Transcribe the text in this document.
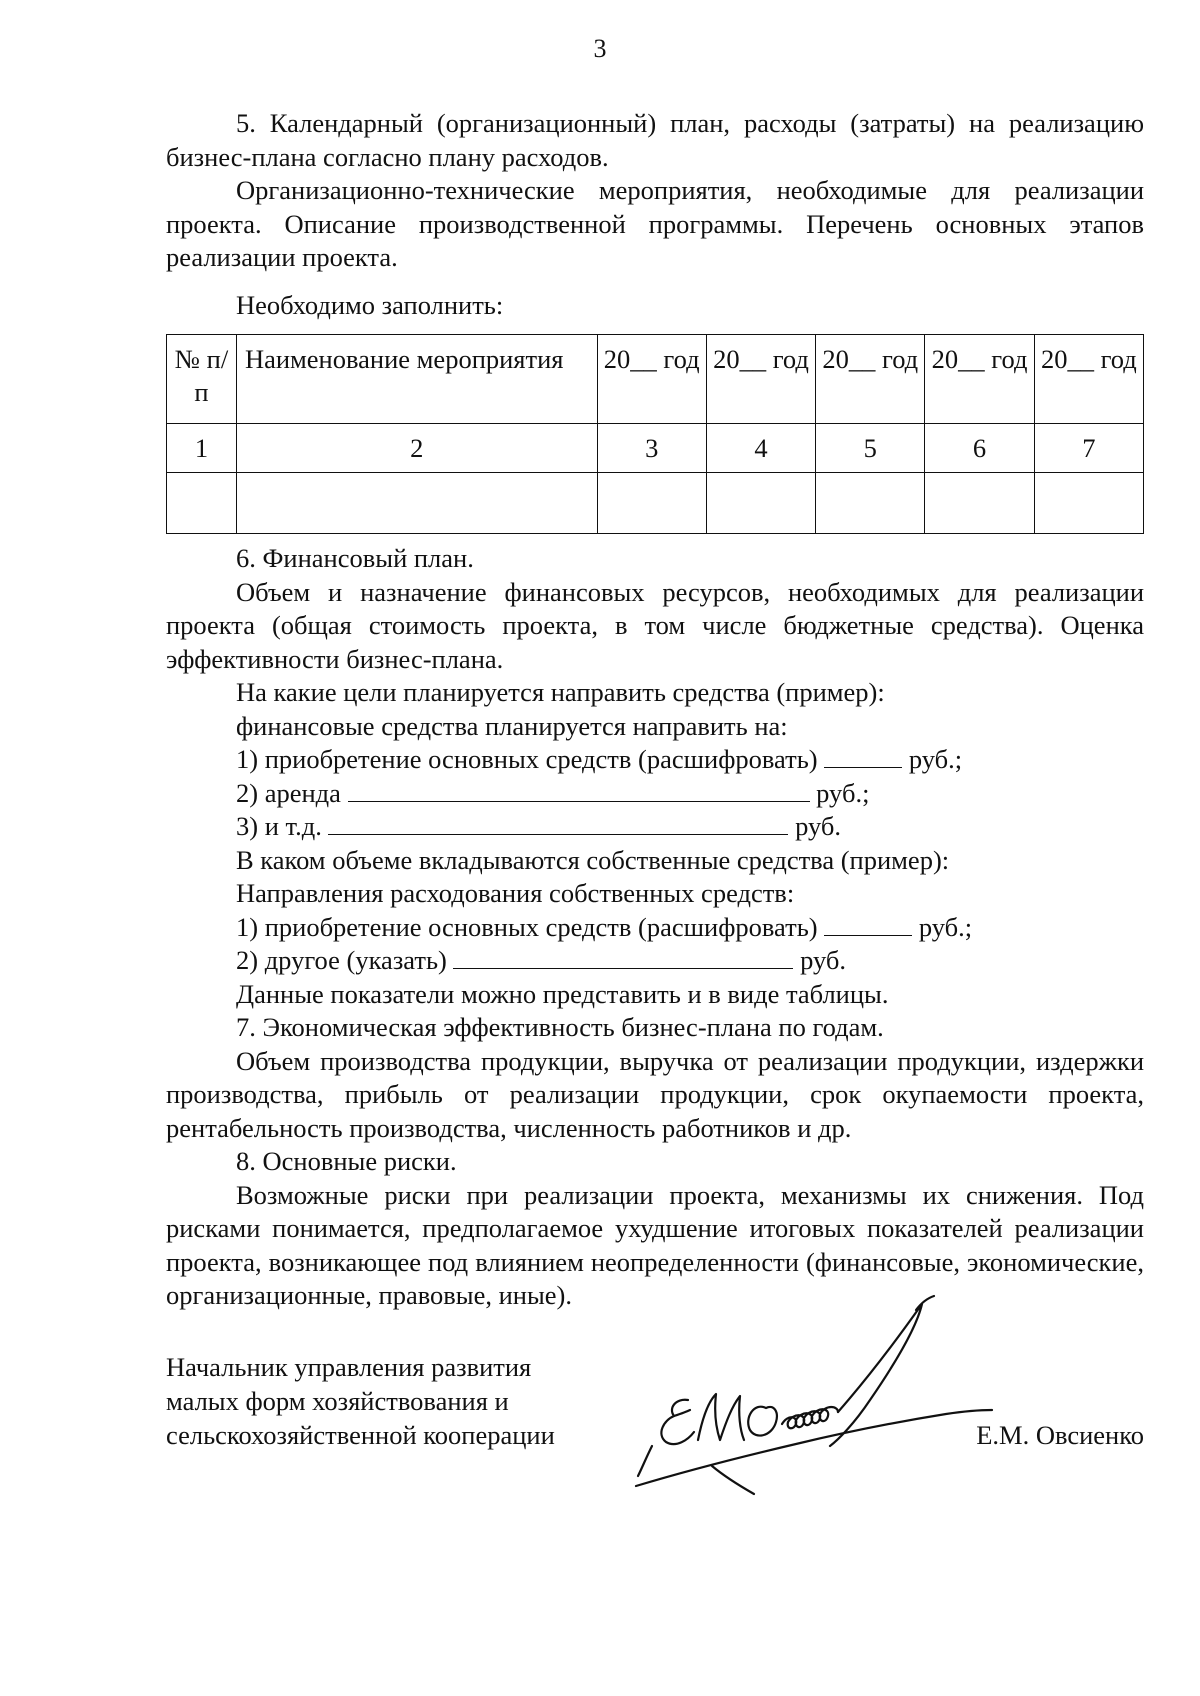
3

5. Календарный (организационный) план, расходы (затраты) на реализацию бизнес-плана согласно плану расходов.

Организационно-технические мероприятия, необходимые для реализации проекта. Описание производственной программы. Перечень основных этапов реализации проекта.

Необходимо заполнить:

№ п/п	Наименование мероприятия	20__ год	20__ год	20__ год	20__ год	20__ год
1	2	3	4	5	6	7

6. Финансовый план.

Объем и назначение финансовых ресурсов, необходимых для реализации проекта (общая стоимость проекта, в том числе бюджетные средства). Оценка эффективности бизнес-плана.

На какие цели планируется направить средства (пример):

финансовые средства планируется направить на:

1) приобретение основных средств (расшифровать)	руб.;

2) аренда	руб.;

3) и т.д.	руб.

В каком объеме вкладываются собственные средства (пример):

Направления расходования собственных средств:

1) приобретение основных средств (расшифровать)	руб.;

2) другое (указать)	руб.

Данные показатели можно представить и в виде таблицы.

7. Экономическая эффективность бизнес-плана по годам.

Объем производства продукции, выручка от реализации продукции, издержки производства, прибыль от реализации продукции, срок окупаемости проекта, рентабельность производства, численность работников и др.

8. Основные риски.

Возможные риски при реализации проекта, механизмы их снижения. Под рисками понимается, предполагаемое ухудшение итоговых показателей реализации проекта, возникающее под влиянием неопределенности (финансовые, экономические, организационные, правовые, иные).

Начальник управления развития
малых форм хозяйствования и
сельскохозяйственной кооперации	Е.М. Овсиенко
